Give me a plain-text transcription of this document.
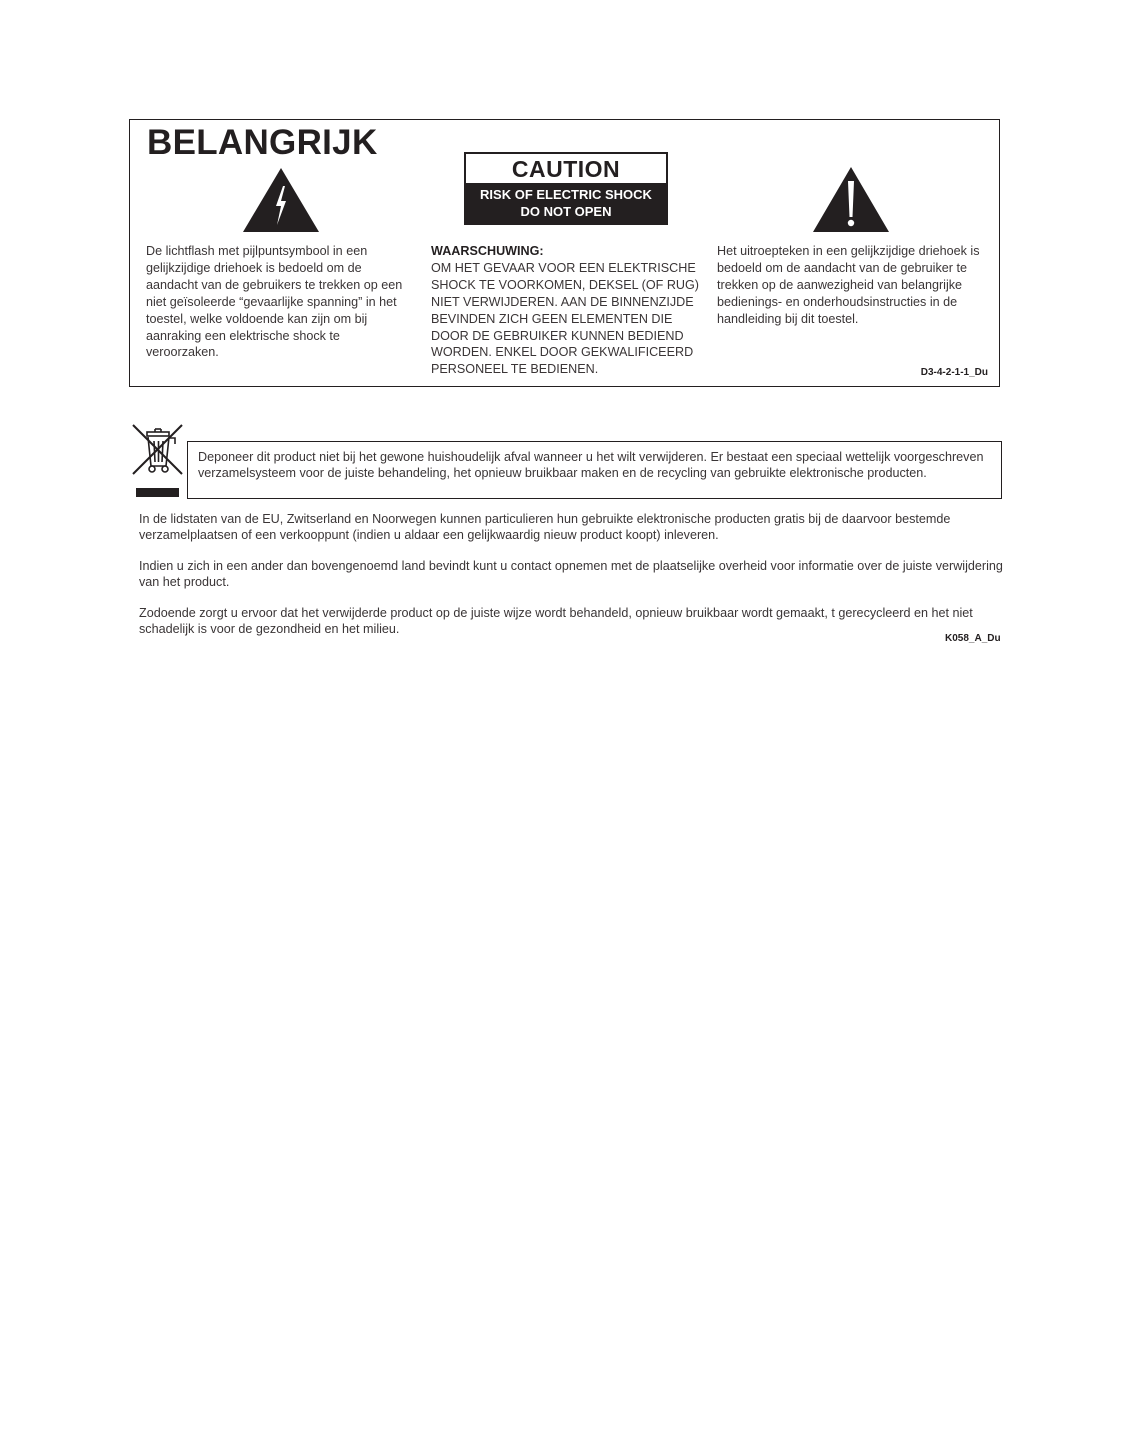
BELANGRIJK
CAUTION
RISK OF ELECTRIC SHOCK
DO NOT OPEN

De lichtflash met pijlpuntsymbool in een gelijkzijdige driehoek is bedoeld om de aandacht van de gebruikers te trekken op een niet geïsoleerde “gevaarlijke spanning” in het toestel, welke voldoende kan zijn om bij aanraking een elektrische shock te veroorzaken.

WAARSCHUWING:
OM HET GEVAAR VOOR EEN ELEKTRISCHE SHOCK TE VOORKOMEN, DEKSEL (OF RUG) NIET VERWIJDEREN. AAN DE BINNENZIJDE BEVINDEN ZICH GEEN ELEMENTEN DIE DOOR DE GEBRUIKER KUNNEN BEDIEND WORDEN. ENKEL DOOR GEKWALIFICEERD PERSONEEL TE BEDIENEN.

Het uitroepteken in een gelijkzijdige driehoek is bedoeld om de aandacht van de gebruiker te trekken op de aanwezigheid van belangrijke bedienings- en onderhoudsinstructies in de handleiding bij dit toestel.

D3-4-2-1-1_Du
Deponeer dit product niet bij het gewone huishoudelijk afval wanneer u het wilt verwijderen. Er bestaat een speciaal wettelijk voorgeschreven verzamelsysteem voor de juiste behandeling, het opnieuw bruikbaar maken en de recycling van gebruikte elektronische producten.

In de lidstaten van de EU, Zwitserland en Noorwegen kunnen particulieren hun gebruikte elektronische producten gratis bij de daarvoor bestemde verzamelplaatsen of een verkooppunt (indien u aldaar een gelijkwaardig nieuw product koopt) inleveren.

Indien u zich in een ander dan bovengenoemd land bevindt kunt u contact opnemen met de plaatselijke overheid voor informatie over de juiste verwijdering van het product.

Zodoende zorgt u ervoor dat het verwijderde product op de juiste wijze wordt behandeld, opnieuw bruikbaar wordt gemaakt, t gerecycleerd en het niet schadelijk is voor de gezondheid en het milieu.

K058_A_Du
